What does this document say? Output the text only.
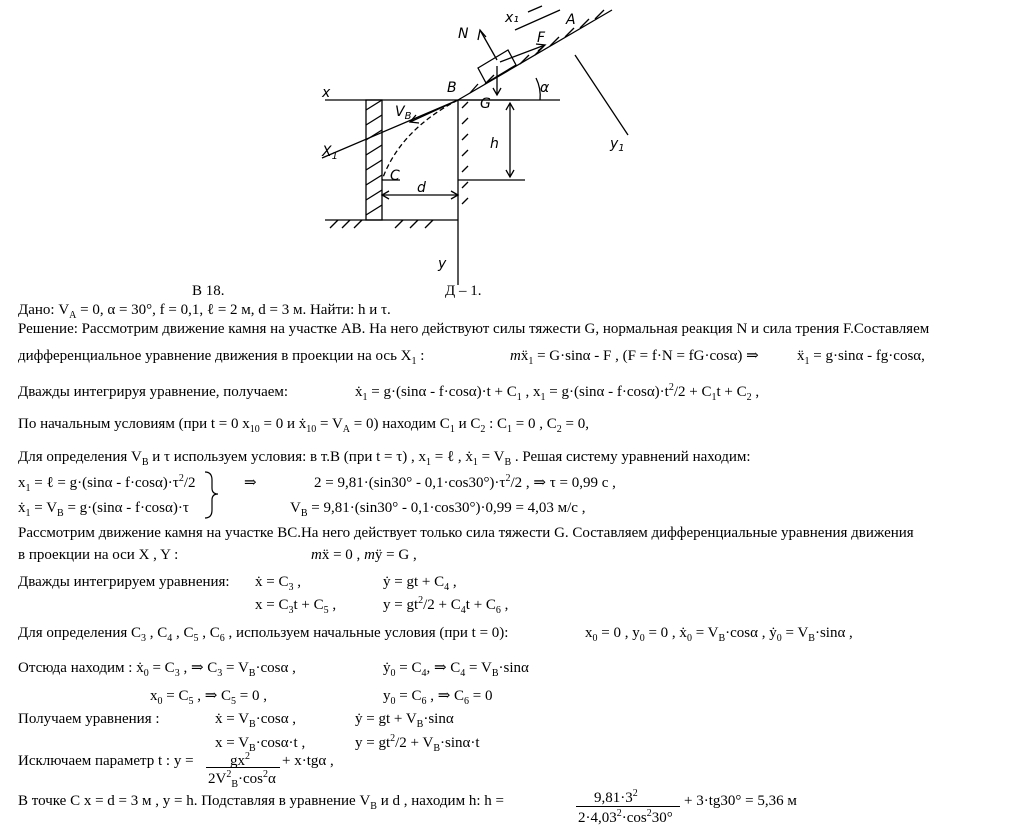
x₁	A
N	F
α
B
G
x
$V_B$
$X_1$
h	$y_1$
C
d
y
В 18.	Д – 1.
Дано: $V_A = 0$, α = 30°, f = 0,1, ℓ = 2 м, d = 3 м. Найти: h и τ.
Решение: Рассмотрим движение камня на участке AB. На него действуют силы тяжести G, нормальная реакция N и сила трения F.Составляем
дифференциальное уравнение движения в проекции на ось $X_1$ :	mẍ$_1$ = G·sinα - F , (F = f·N = fG·cosα) ⇒	ẍ$_1$ = g·sinα - fg·cosα,
Дважды интегрируя уравнение, получаем:	ẋ$_1$ = $g\cdot(\sin\alpha - f\cdot\cos\alpha)\cdot t + C_1$ , $x_1 = g\cdot(\sin\alpha - f\cdot\cos\alpha)\cdot t^2/2 + C_1t + C_2$ ,
По начальным условиям (при t = 0 $x_{10} = 0$ и ẋ$_{10}$ = $V_A = 0$) находим $C_1$ и $C_2$ : $C_1 = 0$ , $C_2 = 0$,
Для определения $V_B$ и τ используем условия: в т.B (при t = τ) , $x_1$ = ℓ , ẋ$_1$ = $V_B$ . Решая систему уравнений находим:
$x_1$ = ℓ = $g\cdot(\sin\alpha - f\cdot\cos\alpha)\cdot\tau^2/2$	⇒	$2 = 9,81\cdot(\sin 30^\circ - 0,1\cdot\cos 30^\circ)\cdot\tau^2/2$ , ⇒ τ = 0,99 с ,
ẋ$_1$ = $V_B = g\cdot(\sin\alpha - f\cdot\cos\alpha)\cdot\tau$	$V_B = 9,81\cdot(\sin 30^\circ - 0,1\cdot\cos 30^\circ)\cdot 0,99 = 4,03$ м/с ,
Рассмотрим движение камня на участке BC.На него действует только сила тяжести G. Составляем дифференциальные уравнения движения
в проекции на оси X , Y :	mẍ = 0 , mÿ = G ,
Дважды интегрируем уравнения: ẋ = $C_3$ ,	ẏ = gt + $C_4$ ,
$x = C_3t + C_5$ ,	$y = gt^2/2 + C_4t + C_6$ ,
Для определения $C_3$ , $C_4$ , $C_5$ , $C_6$ , используем начальные условия (при t = 0):	$x_0 = 0$ , $y_0 = 0$ , ẋ$_0$ = $V_B\cdot\cos\alpha$ , ẏ$_0$ = $V_B\cdot\sin\alpha$ ,
Отсюда находим : ẋ$_0$ = $C_3$ , ⇒ $C_3 = V_B\cdot\cos\alpha$ ,	ẏ$_0$ = $C_4$, ⇒ $C_4 = V_B\cdot\sin\alpha$
$x_0 = C_5$ , ⇒ $C_5 = 0$ ,	$y_0 = C_6$ , ⇒ $C_6 = 0$
Получаем уравнения :	ẋ = $V_B\cdot\cos\alpha$ ,	ẏ = gt + $V_B\cdot\sin\alpha$
$x = V_B\cdot\cos\alpha\cdot t$ ,	$y = gt^2/2 + V_B\cdot\sin\alpha\cdot t$
Исключаем параметр t : $y = gx^2 + x\cdot tg\alpha$ ,
$2V^2_B\cdot\cos^2\alpha$
В точке C x = d = 3 м , y = h. Подставляя в уравнение $V_B$ и d , находим h: h =	$9,81\cdot 3^2$	+ 3·tg30° = 5,36 м
$2\cdot 4,03^2\cdot\cos^230^\circ$
